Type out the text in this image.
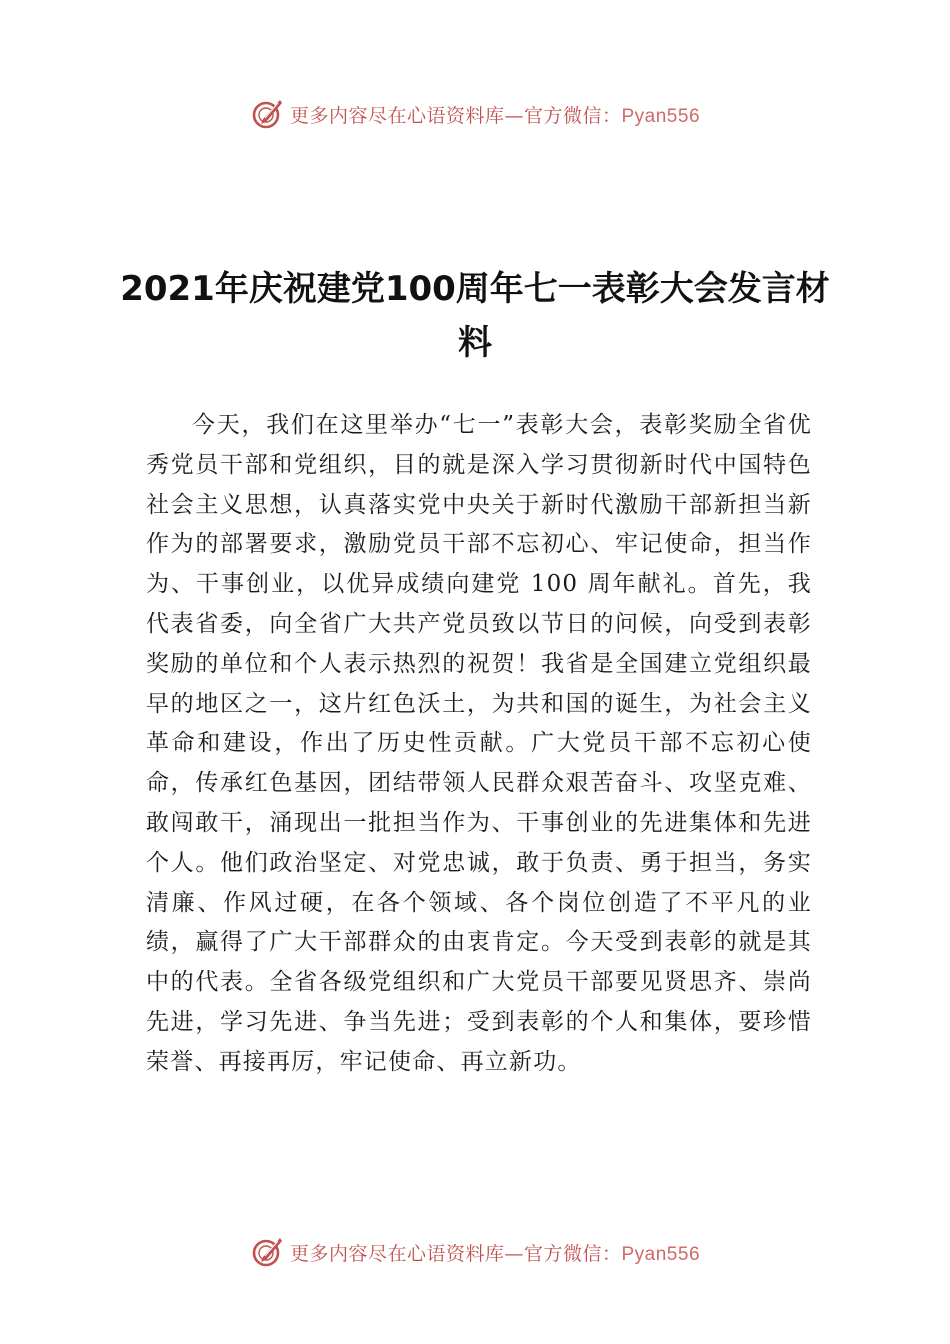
更多内容尽在心语资料库—官方微信：Pyan556
2021年庆祝建党100周年七一表彰大会发言材料

今天，我们在这里举办“七一”表彰大会，表彰奖励全省优秀党员干部和党组织，目的就是深入学习贯彻新时代中国特色社会主义思想，认真落实党中央关于新时代激励干部新担当新作为的部署要求，激励党员干部不忘初心、牢记使命，担当作为、干事创业，以优异成绩向建党 100 周年献礼。首先，我代表省委，向全省广大共产党员致以节日的问候，向受到表彰奖励的单位和个人表示热烈的祝贺！我省是全国建立党组织最早的地区之一，这片红色沃土，为共和国的诞生，为社会主义革命和建设，作出了历史性贡献。广大党员干部不忘初心使命，传承红色基因，团结带领人民群众艰苦奋斗、攻坚克难、敢闯敢干，涌现出一批担当作为、干事创业的先进集体和先进个人。他们政治坚定、对党忠诚，敢于负责、勇于担当，务实清廉、作风过硬，在各个领域、各个岗位创造了不平凡的业绩，赢得了广大干部群众的由衷肯定。今天受到表彰的就是其中的代表。全省各级党组织和广大党员干部要见贤思齐、崇尚先进，学习先进、争当先进；受到表彰的个人和集体，要珍惜荣誉、再接再厉，牢记使命、再立新功。

更多内容尽在心语资料库—官方微信：Pyan556
